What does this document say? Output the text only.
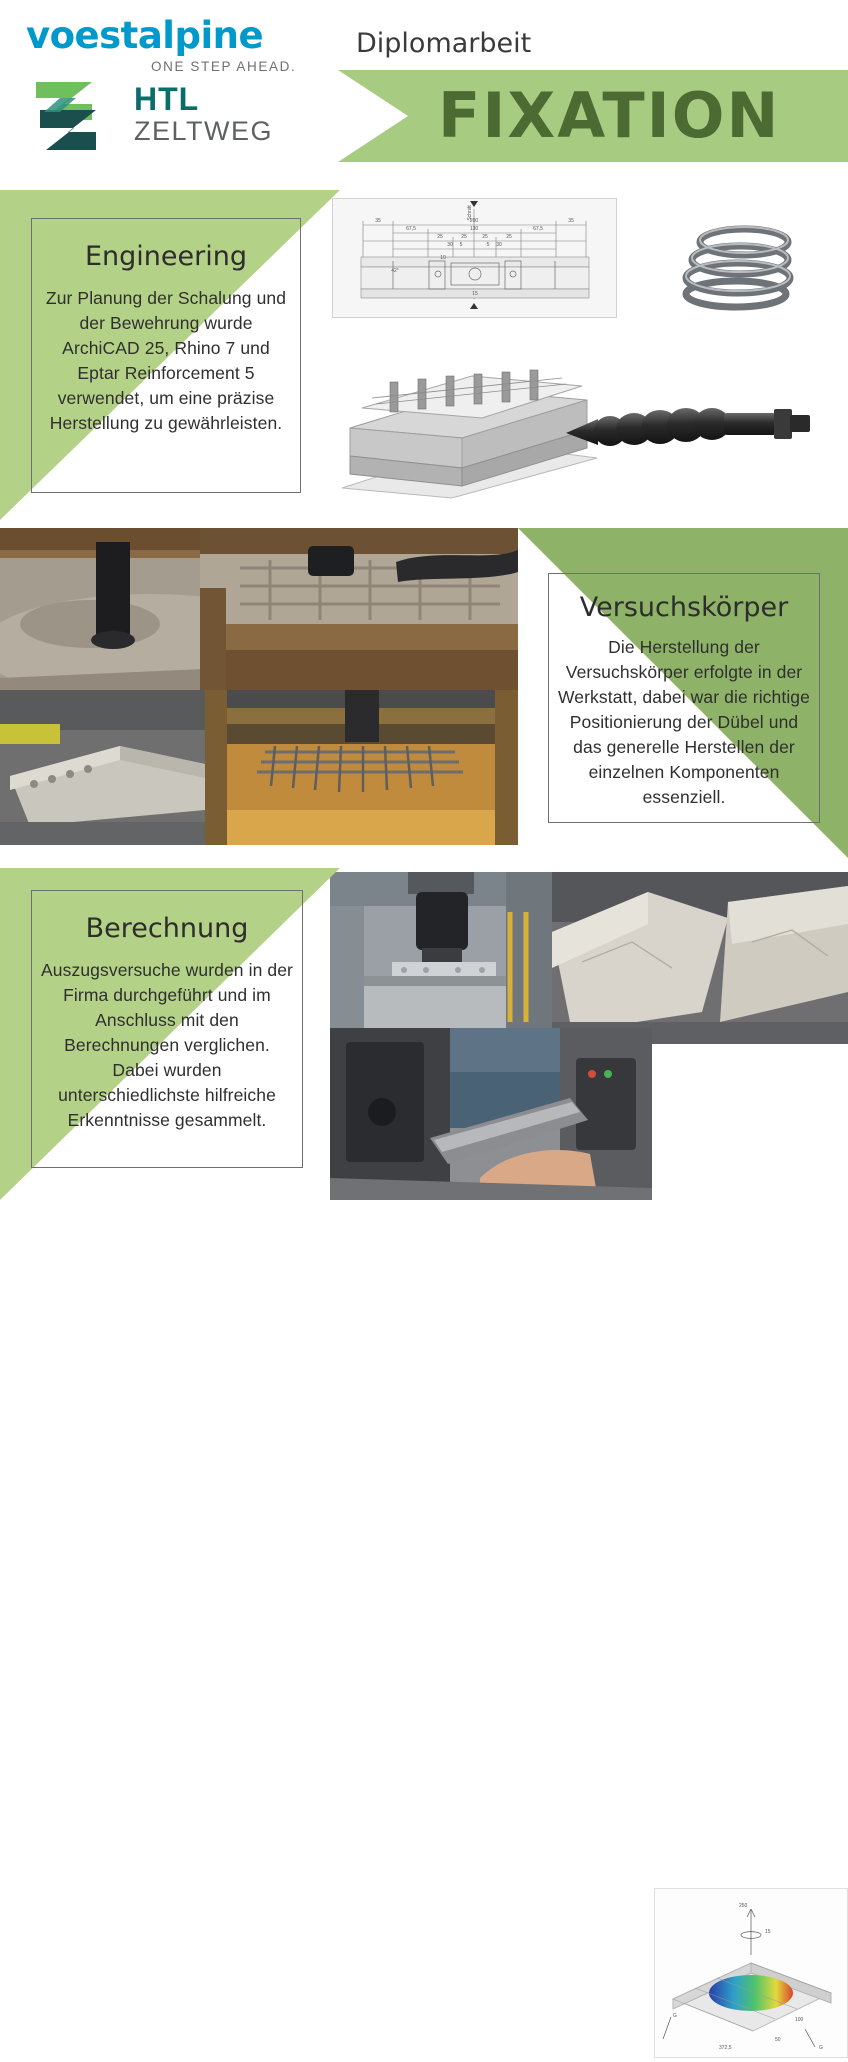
voestalpine
ONE STEP AHEAD.
HTL
ZELTWEG
Diplomarbeit
FIXATION
Engineering
Zur Planung der Schalung und der Bewehrung wurde ArchiCAD 25, Rhino 7 und Eptar Reinforcement 5 verwendet, um eine präzise Herstellung zu gewährleisten.
Schnitt
200
130
35	35
67,5	67,5
25	25	25	25
30	30
5	5
42°
10
15
Versuchskörper
Die Herstellung der Versuchskörper erfolgte in der Werkstatt, dabei war die richtige Positionierung der Dübel und das generelle Herstellen der einzelnen Komponenten essenziell.
250
15
372,5
50
100
G
G
Berechnung
Auszugsversuche wurden in der Firma durchgeführt und im Anschluss mit den Berechnungen verglichen. Dabei wurden unterschiedlichste hilfreiche Erkenntnisse gesammelt.
